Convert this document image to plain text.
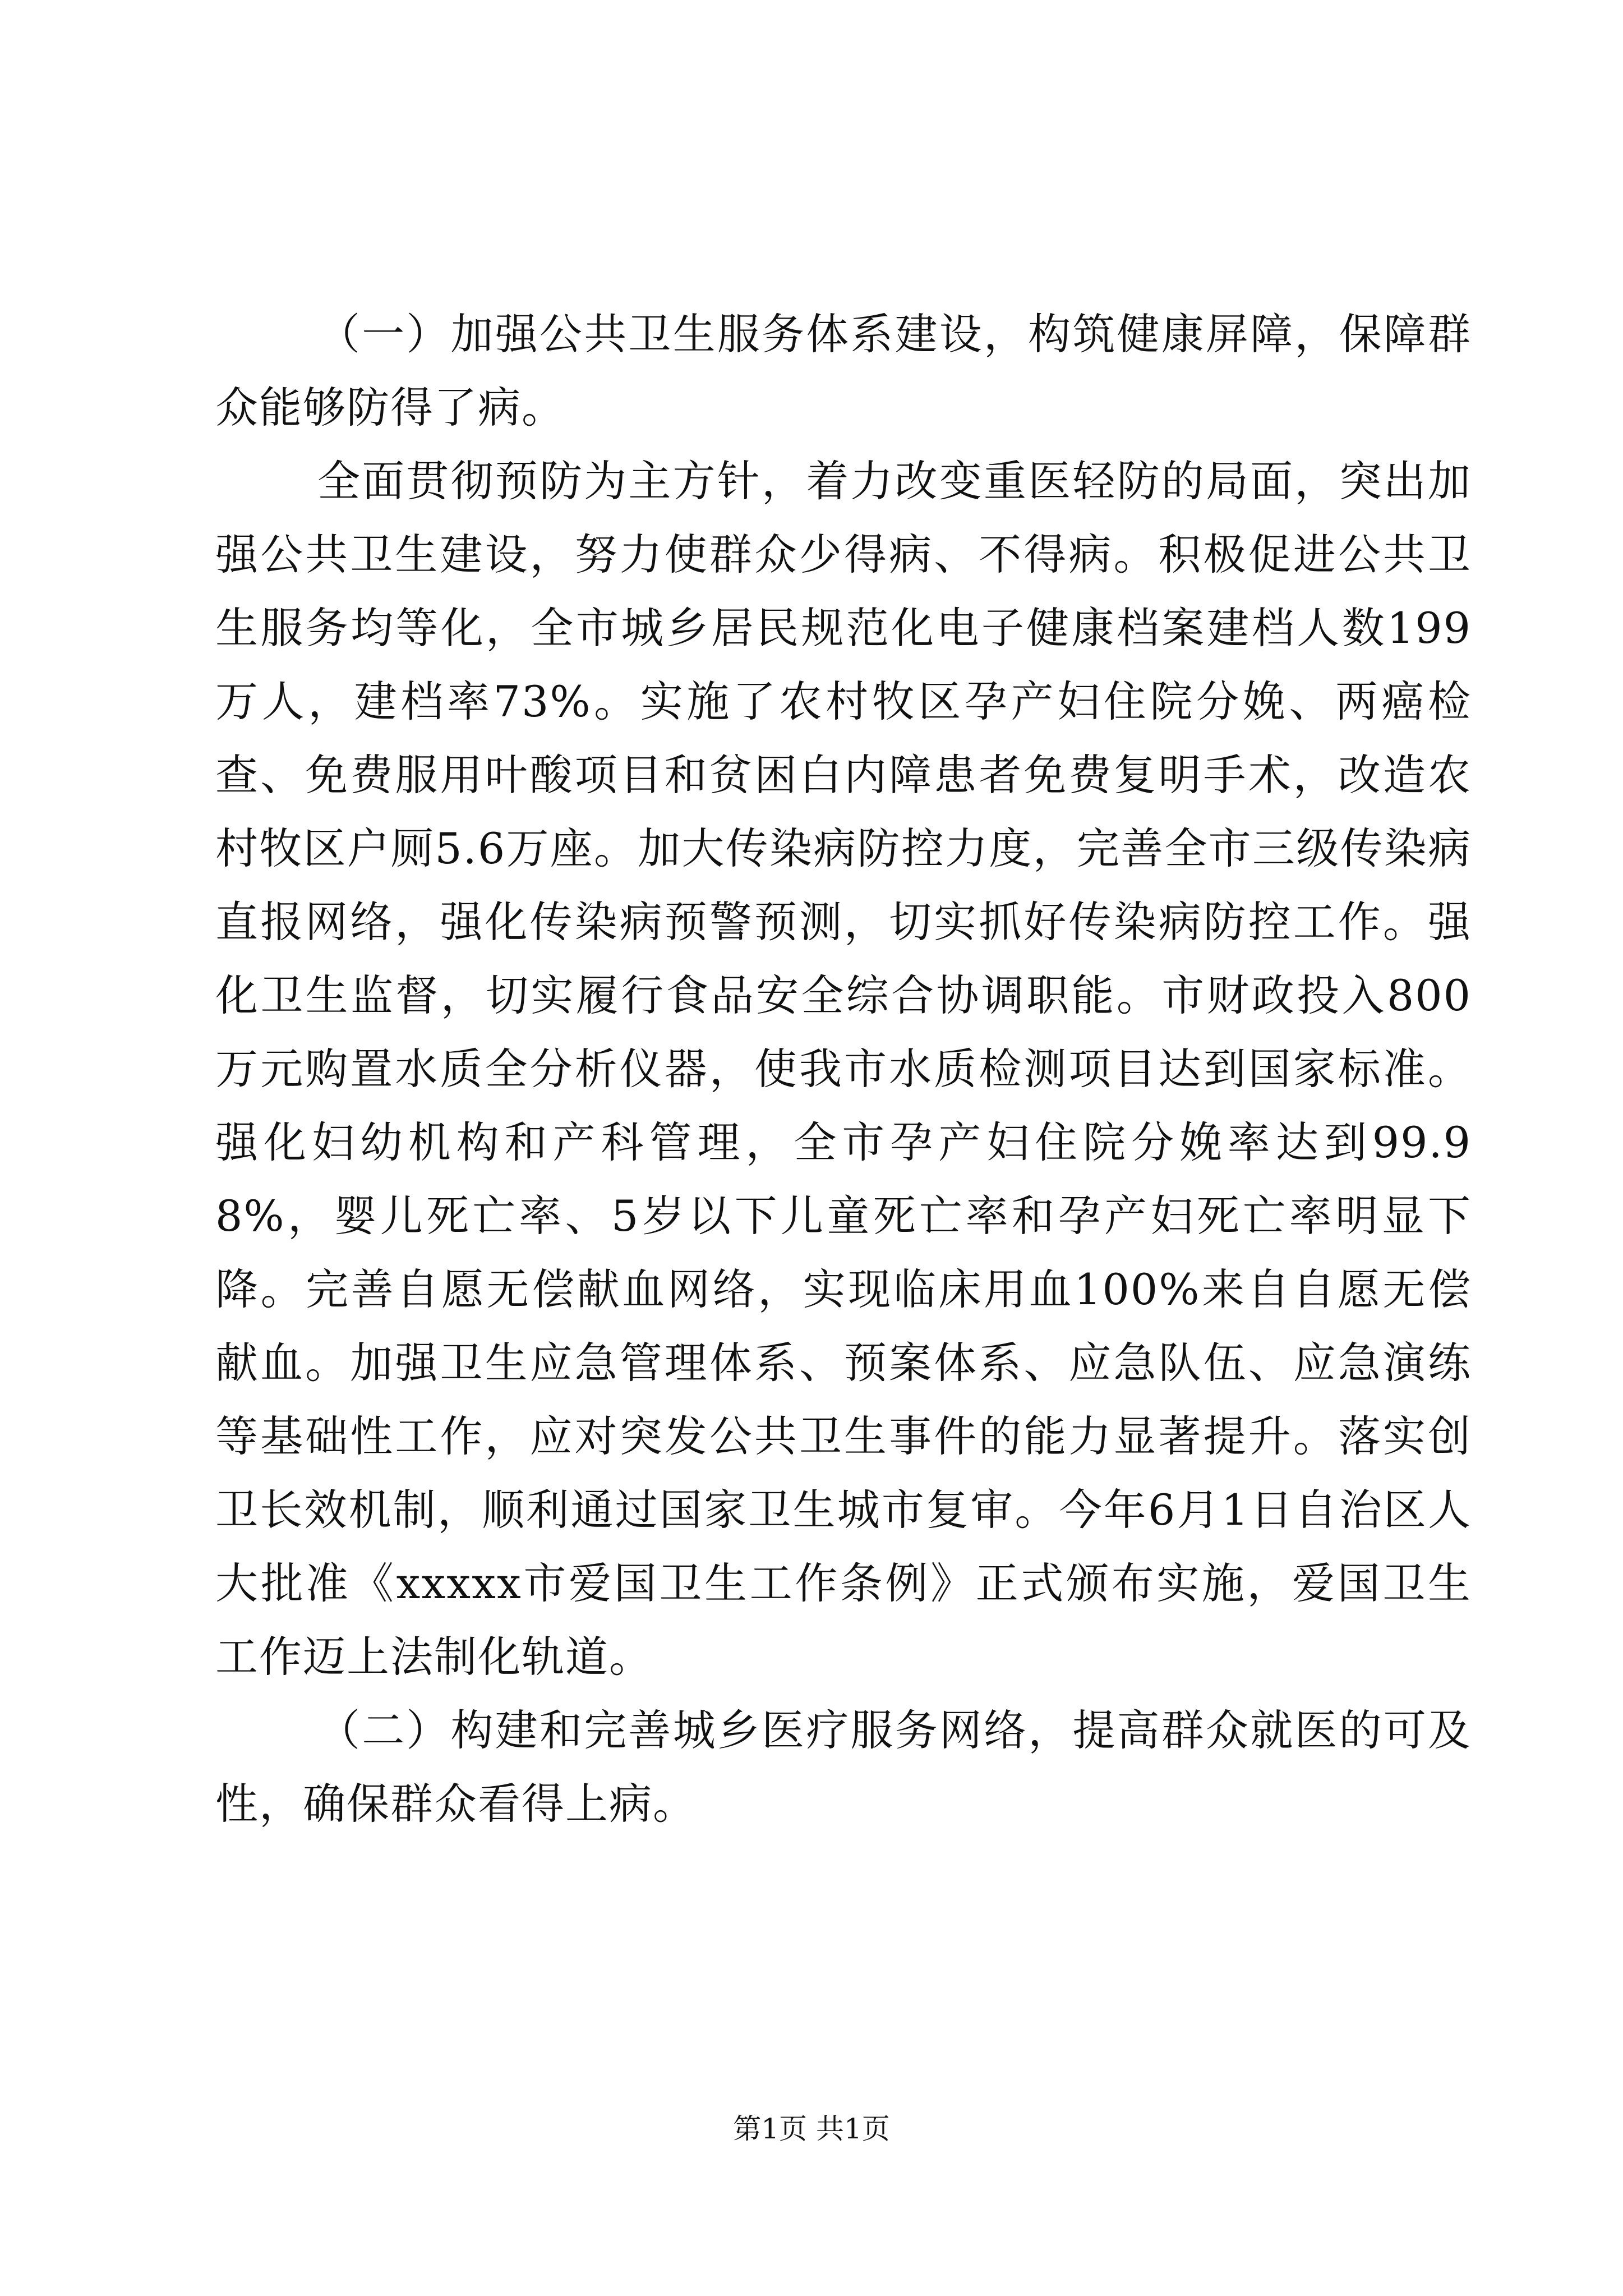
（一）加强公共卫生服务体系建设，构筑健康屏障，保障群众能够防得了病。

全面贯彻预防为主方针，着力改变重医轻防的局面，突出加强公共卫生建设，努力使群众少得病、不得病。积极促进公共卫生服务均等化，全市城乡居民规范化电子健康档案建档人数199万人，建档率73%。实施了农村牧区孕产妇住院分娩、两癌检查、免费服用叶酸项目和贫困白内障患者免费复明手术，改造农村牧区户厕5.6万座。加大传染病防控力度，完善全市三级传染病直报网络，强化传染病预警预测，切实抓好传染病防控工作。强化卫生监督，切实履行食品安全综合协调职能。市财政投入800万元购置水质全分析仪器，使我市水质检测项目达到国家标准。强化妇幼机构和产科管理，全市孕产妇住院分娩率达到99.98%，婴儿死亡率、5岁以下儿童死亡率和孕产妇死亡率明显下降。完善自愿无偿献血网络，实现临床用血100%来自自愿无偿献血。加强卫生应急管理体系、预案体系、应急队伍、应急演练等基础性工作，应对突发公共卫生事件的能力显著提升。落实创卫长效机制，顺利通过国家卫生城市复审。今年6月1日自治区人大批准《xxxxx市爱国卫生工作条例》正式颁布实施，爱国卫生工作迈上法制化轨道。

（二）构建和完善城乡医疗服务网络，提高群众就医的可及性，确保群众看得上病。

第1页 共1页
